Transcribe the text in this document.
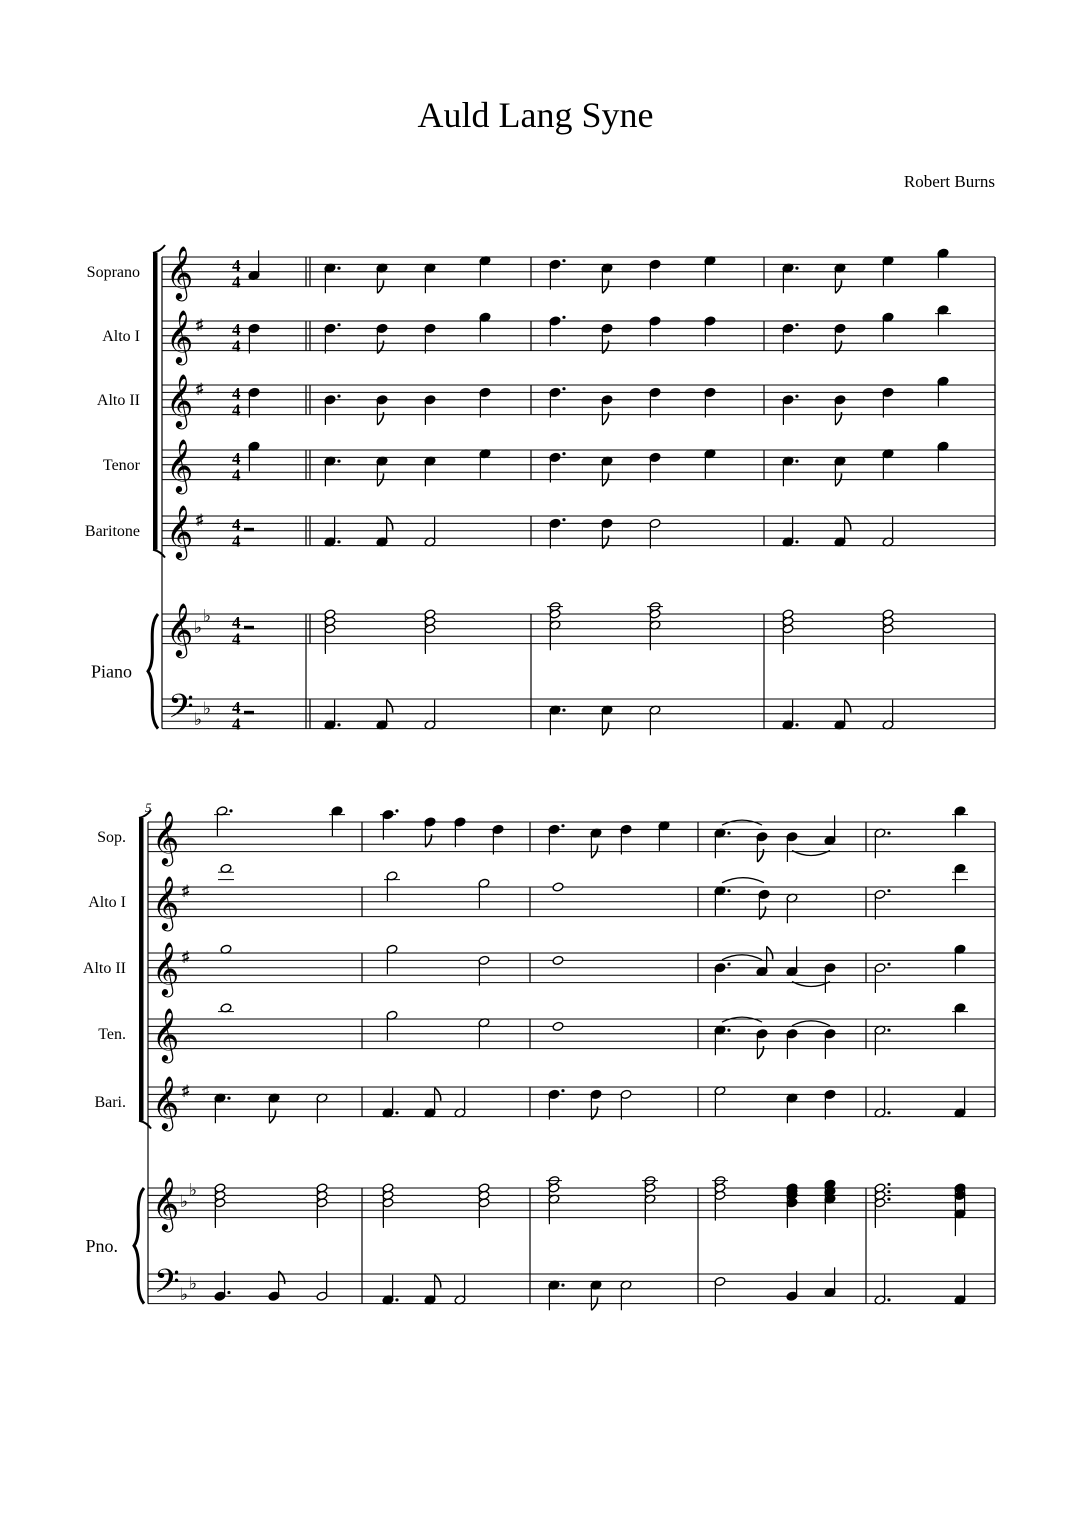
Auld Lang Syne
Robert Burns
Soprano 𝄞 4
4
Alto I 𝄞 ♯ 4
4
Alto II 𝄞 ♯ 4
4
Tenor 𝄞 4
4
Baritone 𝄞 ♯ 4
4
Piano
𝄞
𝄢
♭
♭
♭
♭
4
4
4
4
5
Sop. 𝄞
Alto I 𝄞 ♯
Alto II 𝄞 ♯
Ten. 𝄞
Bari. 𝄞 ♯
Pno.
𝄞
𝄢
♭
♭
♭
♭
